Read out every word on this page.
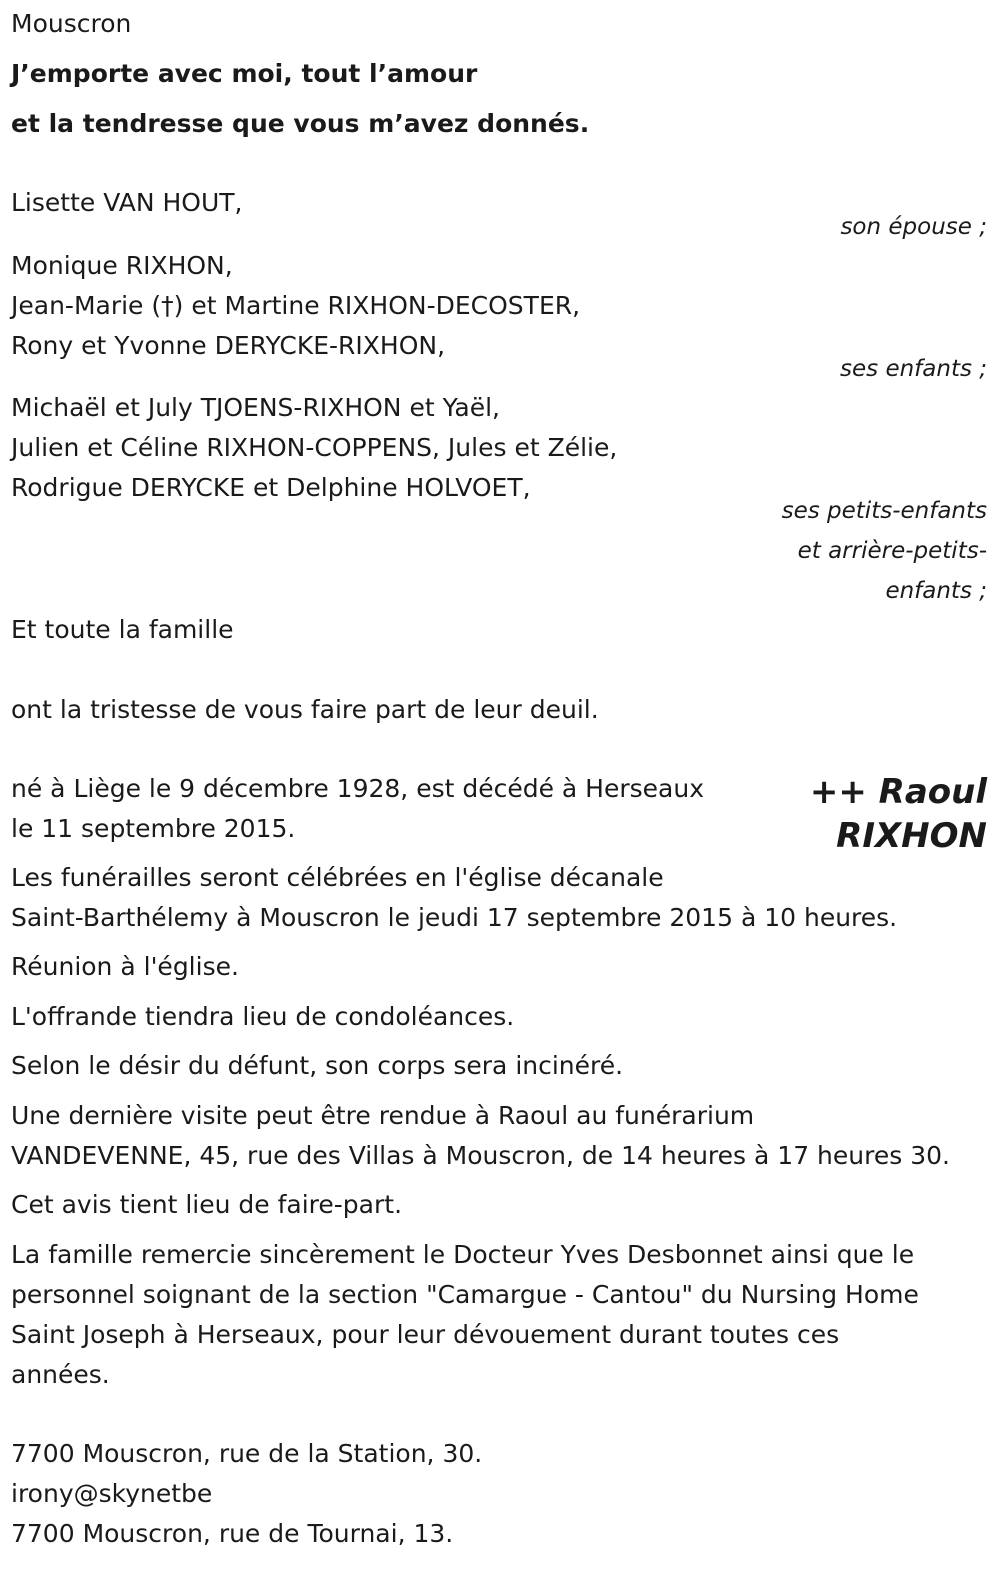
Mouscron
J’emporte avec moi, tout l’amour
et la tendresse que vous m’avez donnés.
Lisette VAN HOUT,
son épouse ;
Monique RIXHON,
Jean-Marie (†) et Martine RIXHON-DECOSTER,
Rony et Yvonne DERYCKE-RIXHON,
ses enfants ;
Michaël et July TJOENS-RIXHON et Yaël,
Julien et Céline RIXHON-COPPENS, Jules et Zélie,
Rodrigue DERYCKE et Delphine HOLVOET,
ses petits-enfants
et arrière-petits-
enfants ;
Et toute la famille
ont la tristesse de vous faire part de leur deuil.
++ Raoul
RIXHON
né à Liège le 9 décembre 1928, est décédé à Herseaux
le 11 septembre 2015.
Les funérailles seront célébrées en l'église décanale
Saint-Barthélemy à Mouscron le jeudi 17 septembre 2015 à 10 heures.
Réunion à l'église.
L'offrande tiendra lieu de condoléances.
Selon le désir du défunt, son corps sera incinéré.
Une dernière visite peut être rendue à Raoul au funérarium
VANDEVENNE, 45, rue des Villas à Mouscron, de 14 heures à 17 heures 30.
Cet avis tient lieu de faire-part.
La famille remercie sincèrement le Docteur Yves Desbonnet ainsi que le
personnel soignant de la section "Camargue - Cantou" du Nursing Home
Saint Joseph à Herseaux, pour leur dévouement durant toutes ces
années.
7700 Mouscron, rue de la Station, 30.
irony@skynetbe
7700 Mouscron, rue de Tournai, 13.
